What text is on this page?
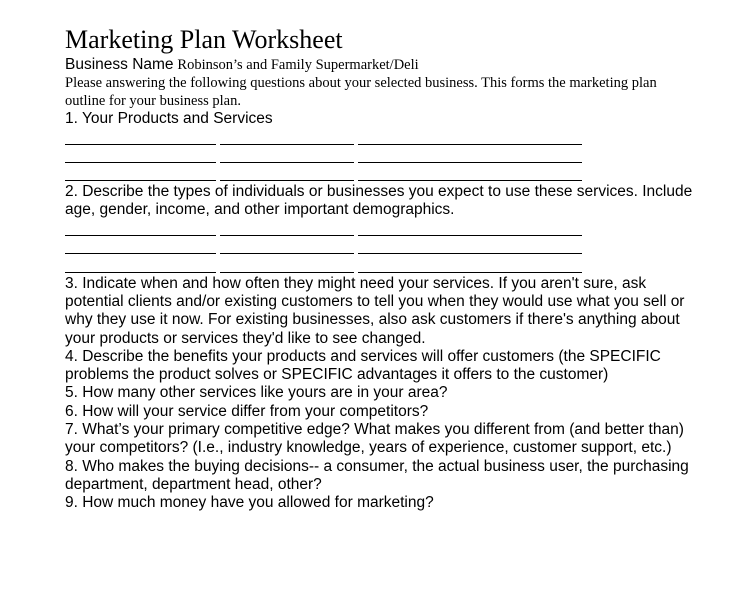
Marketing Plan Worksheet
Business Name Robinson’s and Family Supermarket/Deli
Please answering the following questions about your selected business. This forms the marketing plan outline for your business plan.
1. Your Products and Services
2. Describe the types of individuals or businesses you expect to use these services. Include age, gender, income, and other important demographics.
3. Indicate when and how often they might need your services. If you aren't sure, ask potential clients and/or existing customers to tell you when they would use what you sell or why they use it now. For existing businesses, also ask customers if there's anything about your products or services they'd like to see changed.
4. Describe the benefits your products and services will offer customers (the SPECIFIC problems the product solves or SPECIFIC advantages it offers to the customer)
5. How many other services like yours are in your area?
6. How will your service differ from your competitors?
7. What’s your primary competitive edge? What makes you different from (and better than) your competitors? (I.e., industry knowledge, years of experience, customer support, etc.)
8. Who makes the buying decisions-- a consumer, the actual business user, the purchasing department, department head, other?
9. How much money have you allowed for marketing?
